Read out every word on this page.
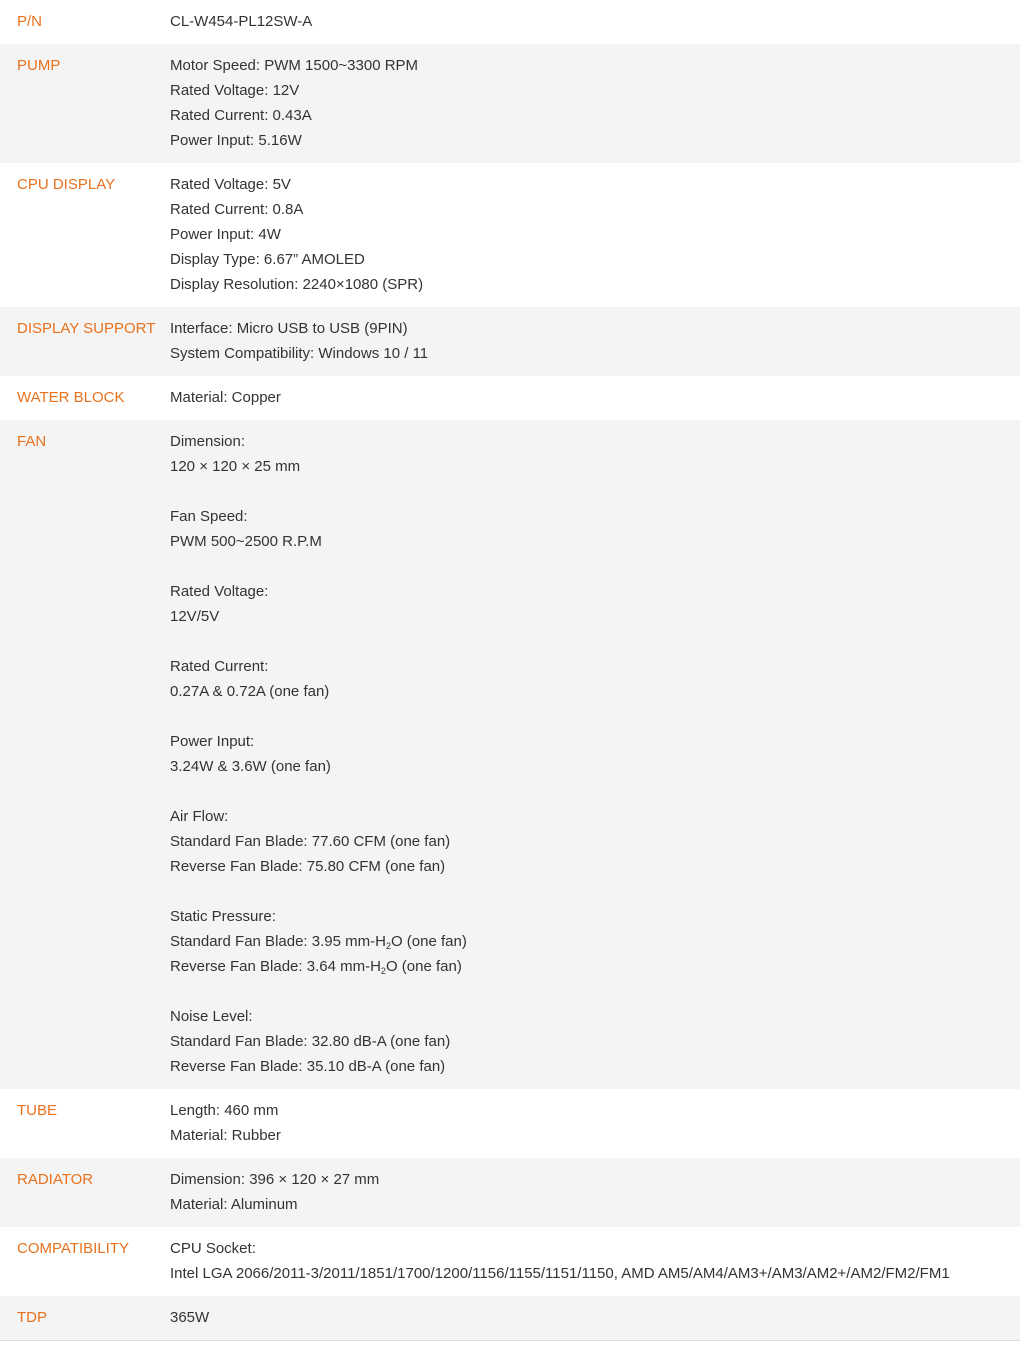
P/N	CL-W454-PL12SW-A
PUMP	Motor Speed: PWM 1500~3300 RPM
Rated Voltage: 12V
Rated Current: 0.43A
Power Input: 5.16W
CPU DISPLAY	Rated Voltage: 5V
Rated Current: 0.8A
Power Input: 4W
Display Type: 6.67” AMOLED
Display Resolution: 2240×1080 (SPR)
DISPLAY SUPPORT Interface: Micro USB to USB (9PIN)
System Compatibility: Windows 10 / 11
WATER BLOCK	Material: Copper
FAN	Dimension:
120 × 120 × 25 mm
Fan Speed:
PWM 500~2500 R.P.M
Rated Voltage:
12V/5V
Rated Current:
0.27A & 0.72A (one fan)
Power Input:
3.24W & 3.6W (one fan)
Air Flow:
Standard Fan Blade: 77.60 CFM (one fan)
Reverse Fan Blade: 75.80 CFM (one fan)
Static Pressure:
Standard Fan Blade: 3.95 $mm-H_2O$ (one fan)
Reverse Fan Blade: 3.64 $mm-H_2O$ (one fan)
Noise Level:
Standard Fan Blade: 32.80 dB-A (one fan)
Reverse Fan Blade: 35.10 dB-A (one fan)
TUBE	Length: 460 mm
Material: Rubber
RADIATOR	Dimension: 396 × 120 × 27 mm
Material: Aluminum
COMPATIBILITY	CPU Socket:
Intel LGA 2066/2011-3/2011/1851/1700/1200/1156/1155/1151/1150, AMD AM5/AM4/AM3+/AM3/AM2+/AM2/FM2/FM1
TDP	365W
